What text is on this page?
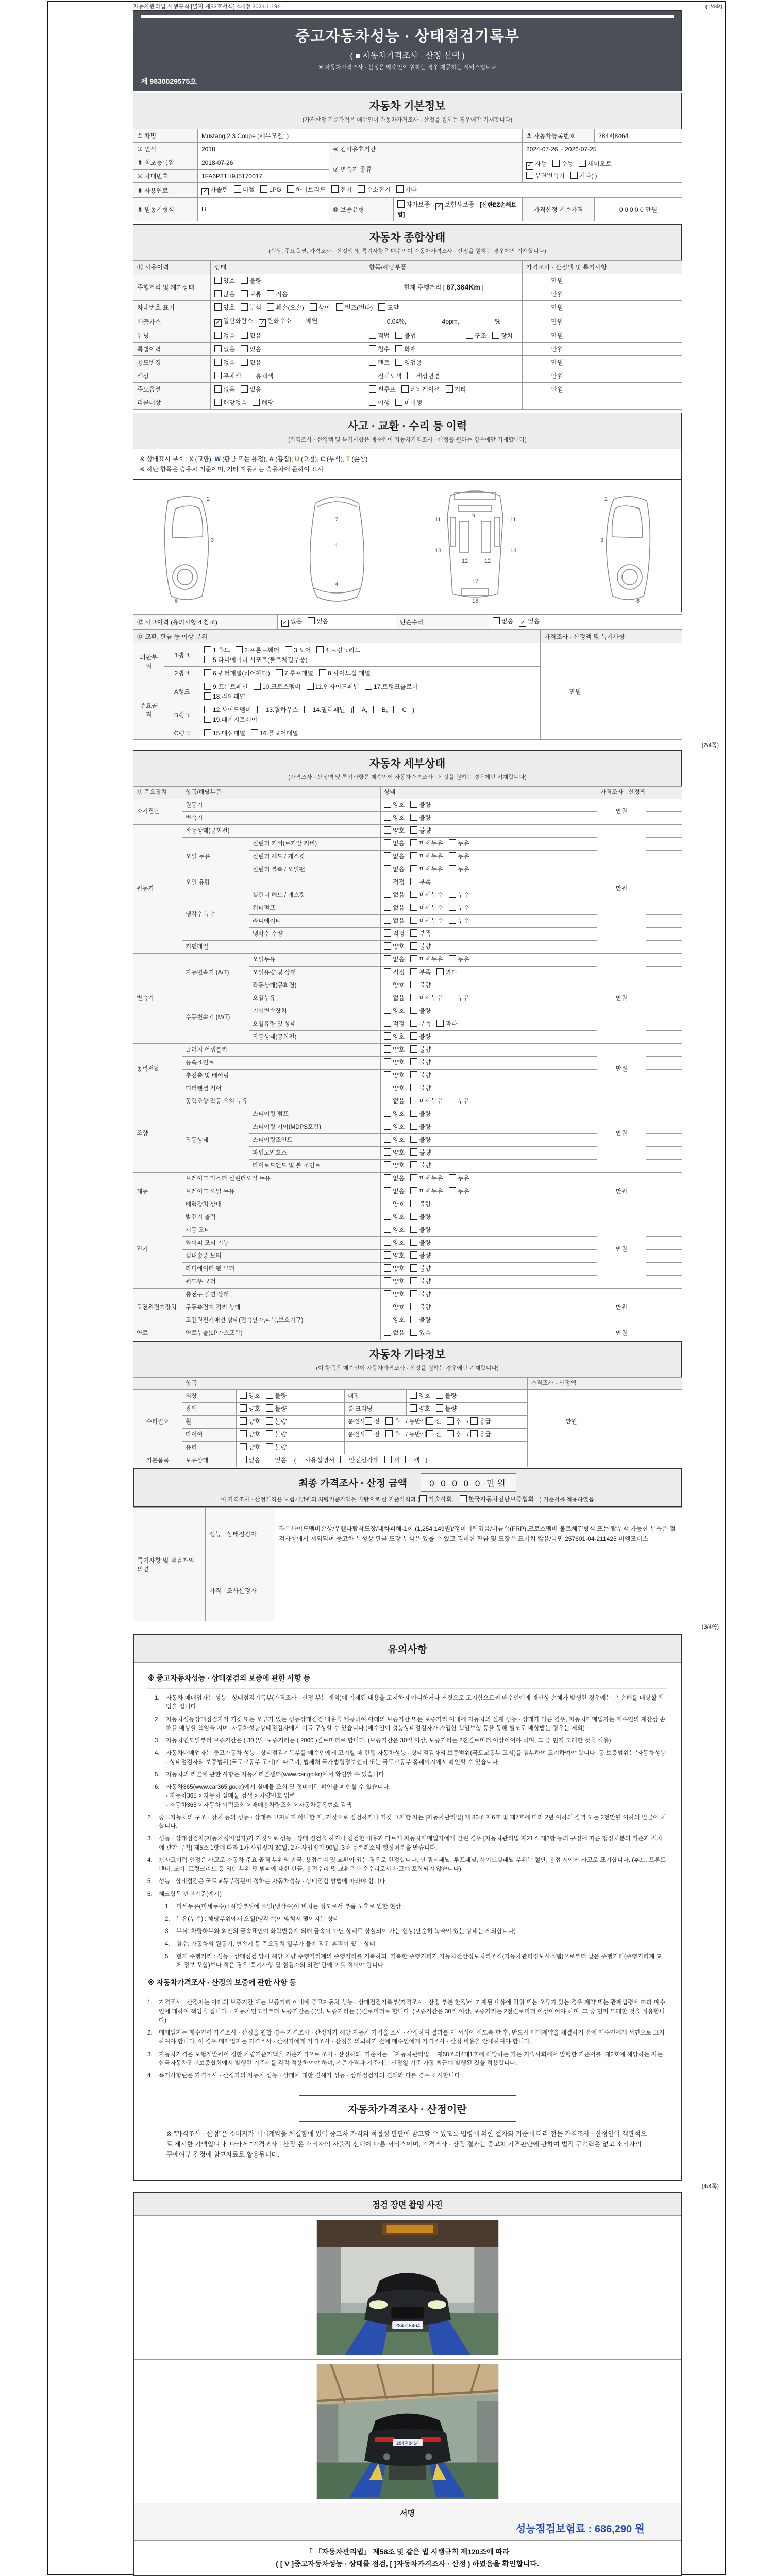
자동차관리법 시행규칙 [별지 제82호서식] <개정 2021.1.19>	(1/4쪽)
중고자동차성능 · 상태점검기록부
( ■ 자동차가격조사 · 산정 선택 )
※ 자동차가격조사 · 산정은 매수인이 원하는 경우 제공하는 서비스입니다
제 9830029575호
자동차 기본정보
(가격산정 기준가격은 매수인이 자동차가격조사 · 산정을 원하는 경우에만 기재합니다)
① 차명	Mustang 2,3 Coupe (세부모델: )			② 자동차등록번호	284저8464
③ 연식	2018	④ 검사유효기간		2024-07-26 ~ 2026-07-25	
⑤ 최초등록일	2018-07-26	⑦ 변속기 종류		✓ 자동 수동 세미오토
무단변속기 기타( )	

⑥ 차대번호	1FA6P8TH9J5170017				
⑧ 사용연료	✓ 가솔린 디젤 LPG 하이브리드 전기 수소전기 기타				
⑨ 원동기형식	H	⑩ 보증유형	자가보증 ✓ 보험사보증 [신한EZ손해보험]	가격산정 기준가격	0 0 0 0 0 만원
자동차 종합상태
(색상, 주요옵션, 가격조사 · 산정액 및 특기사항은 매수인이 자동차가격조사 · 산정을 원하는 경우에만 기재합니다)
⑪ 사용이력	상태	항목/해당부품	가격조사 · 산정액 및 특기사항	
주행거리 및 계기상태	양호 불량	현재 주행거리 [ 87,384Km ]	만원	
	많음 보통 적음		만원	
차대번호 표기	양호 부식 훼손(오손) 상이 변조(변타) 도말		만원	
배출가스	✓ 일산화탄소 ✓ 탄화수소 매연	0.04%, 4ppm, %	만원	
튜닝	없음 있음	적법 불법 구조 장치	만원	
특별이력	없음 있음	침수 화재	만원	
용도변경	없음 있음	렌트 영업용	만원	
색상	무채색 유채색	전체도색 색상변경	만원	
주요옵션	없음 있음	썬루프 네비게이션 기타	만원	
리콜대상	해당없음 해당	이행 미이행		
사고 · 교환 · 수리 등 이력
(가격조사 · 산정액 및 특기사항은 매수인이 자동차가격조사 · 산정을 원하는 경우에만 기재합니다)
※ 상태표시 부호 : X (교환), W (판금 또는 용접), A (흠집), U (요철), C (부식), T (손상)
※ 하단 항목은 승용차 기준이며, 기타 자동차는 승용차에 준하여 표시
2
3
6
1
7
4
9
11	11
13	13
12	12
17
18
2
3
6
⑫ 사고이력 (유의사항 4.참조)	✓ 없음 있음	단순수리	없음 ✓ 있음
⑬ 교환, 판금 등 이상 부위			가격조사 · 산정액 및 특기사항	
외판부위	1랭크	1.후드 2.프론트휀더 3.도어 4.트렁크리드
5.라디에이터 서포트(볼트체결부품)	만원	
	2랭크	6.쿼터패널(리어휀다) 7.루프패널 8.사이드실 패널		
주요골격	A랭크	9.프론트패널 10.크로스멤버 11.인사이드패널 17.트렁크플로어
18.리어패널		

	B랭크	12.사이드멤버 13.휠하우스 14.필러패널 ( A, B, C )
19.페키지트레이		

	C랭크	15.대쉬패널 16.플로어패널		
(2/4쪽)
자동차 세부상태
(가격조사 · 산정액 및 특기사항은 매수인이 자동차가격조사 · 산정을 원하는 경우에만 기재합니다)
⑭ 주요장치	항목/해당부품		상태	가격조사 · 산정액	
자기진단	원동기		양호 불량	만원	
	변속기		양호 불량		
원동기	작동상태(공회전)		양호 불량	만원	
	오일 누유	실린더 커버(로커암 커버)	없음 미세누유 누유		
		실린더 헤드 / 개스킷	없음 미세누유 누유		
		실린더 블록 / 오일팬	없음 미세누유 누유		
	오일 유량		적정 부족		
	냉각수 누수	실린더 헤드 / 개스킷	없음 미세누수 누수		
		워터펌프	없음 미세누수 누수		
		라디에이터	없음 미세누수 누수		
		냉각수 수량	적정 부족		
	커먼레일		양호 불량		
변속기	자동변속기 (A/T)	오일누유	없음 미세누유 누유	만원	
		오일유량 및 상태	적정 부족 과다		
		작동상태(공회전)	양호 불량		
	수동변속기 (M/T)	오일누유	없음 미세누유 누유		
		기어변속장치	양호 불량		
		오일유량 및 상태	적정 부족 과다		
		작동상태(공회전)	양호 불량		
동력전달	클러치 어셈블리		양호 불량	만원	
	등속죠인트		양호 불량		
	추진축 및 베어링		양호 불량		
	디퍼렌셜 기어		양호 불량		
조향	동력조향 작동 오일 누유		없음 미세누유 누유	만원	
	작동상태	스티어링 펌프	양호 불량		
		스티어링 기어(MDPS포함)	양호 불량		
		스티어링조인트	양호 불량		
		파워고압호스	양호 불량		
		타이로드엔드 및 볼 조인트	양호 불량		
제동	브레이크 마스터 실린더오일 누유		없음 미세누유 누유	만원	
	브레이크 오일 누유		없음 미세누유 누유		
	배력장치 상태		양호 불량		
전기	발전기 출력		양호 불량	만원	
	시동 모터		양호 불량		
	와이퍼 모터 기능		양호 불량		
	실내송풍 모터		양호 불량		
	라디에이터 팬 모터		양호 불량		
	윈도우 모터		양호 불량		
고전원전기장치	충전구 절연 상태		양호 불량	만원	
	구동축전지 격리 상태		양호 불량		
	고전원전기배선 상태(접속단자,피복,보호기구)		양호 불량		
연료	연료누출(LP가스포함)		없음 있음	만원	
자동차 기타정보
(이 항목은 매수인이 자동차가격조사 · 산정을 원하는 경우에만 기재합니다)
	항목				가격조사 · 산정액	
수리필요	외장	양호 불량	내장	양호 불량	만원	
	광택	양호 불량	룸 크리닝	양호 불량		
	휠	양호 불량	운전석 전 후 / 동반석 전 후 / 응급			
	타이어	양호 불량	운전석 전 후 / 동반석 전 후 / 응급			
	유리	양호 불량				
기본품목	보유상태	없음 있음 ( 사용설명서 안전삼각대 잭 잭 )				
최종 가격조사 · 산정 금액	0 0 0 0 0 만원
이 가격조사 · 산정가격은 보험개발원의 차량기준가액을 바탕으로 한 기준가격과 ( 기술사회, 한국자동차진단보증협회 ) 기준서를 적용하였음
특기사항 및 점검자의 의견	성능 · 상태점검자	좌우사이드멤버손상/우휀다탈착도장/내차피해-1회 (1,254,149원)/정비이력있음/비금속(FRP),크로스멤버 볼트체결방식 또는 탈부착 가능한 부품은 점검사항에서 제외되며 중고차 특성상 판금 도장 부식은 있을 수 있고 경미한 판금 및 도장은 표기치 않음/국민 257601-04-211425 비엠모터스
	가격 · 조사산정자	
(3/4쪽)
유의사항
※ 중고자동차성능 · 상태점검의 보증에 관한 사항 등
1.	자동차 매매업자는 성능 · 상태점검기록부(가격조사 · 산정 부분 제외)에 기재된 내용을 고지하지 아니하거나 거짓으로 고지함으로써 매수인에게 재산상 손해가 발생한 경우에는 그 손해를 배상할 책임을 집니다.
2.	자동차성능상태점검자가 거짓 또는 오류가 있는 성능상태점검 내용을 제공하여 아래의 보증기간 또는 보증거리 이내에 자동차의 실제 성능 · 상태가 다른 경우, 자동차매매업자는 매수인의 재산상 손해를 배상할 책임을 지며, 자동차성능상태점검자에게 이를 구상할 수 있습니다.(매수인이 성능상태점검자가 가입한 책임보험 등을 통해 별도로 배상받는 경우는 제외)
3.	자동차인도일부터 보증기간은 ( 30 )일, 보증거리는 ( 2000 )킬로미터로 합니다. (보증기간은 30일 이상, 보증거리는 2천킬로미터 이상이어야 하며, 그 중 먼저 도래한 것을 적용)
4.	자동차매매업자는 중고자동차 성능 · 상태점검기록부를 매수인에게 고지할 때 현행 자동차성능 · 상태점검자의 보증범위(국토교통부 고시)를 첨부하여 고지하여야 합니다. 동 보증범위는 '자동차성능 · 상태점검자의 보증범위'(국토교통부 고시)에 따르며, 법제처 국가법령정보센터 또는 국토교통부 홈페이지에서 확인할 수 있습니다.
5.	자동차의 리콜에 관한 사항은 자동차리콜센터(www.car.go.kr)에서 확인할 수 있습니다.
6.	자동차365(www.car365.go.kr)에서 실매물 조회 및 정비이력 확인을 확인할 수 있습니다.
- 자동차365 > 자동차 실매물 검색 > 차량번호 입력
- 자동차365 > 자동차 이력조회 > 매매용차량조회 > 자동차등록번호 검색
2.	중고자동차의 구조 · 장치 등의 성능 · 상태를 고지하지 아니한 자, 거짓으로 점검하거나 거짓 고지한 자는 [자동차관리법] 제 80조 제6호 및 제7호에 따라 2년 이하의 징역 또는 2천만원 이하의 벌금에 처합니다.
3.	성능 · 상태점검자(자동차정비업자)가 거짓으로 성능 · 상태 점검을 하거나 점검한 내용과 다르게 자동차매매업자에게 알린 경우 [자동차관리법 제21조 제2항 등의 규정에 따른 행정처분의 기준과 절차에 관한 규칙] 제5조 1항에 따라 1차 사업정지 30일, 2차 사업정지 90일, 3차 등록취소의 행정처분을 받습니다.
4.	⑫사고이력 인정은 사고로 자동차 주요 골격 부위의 판금, 용접수리 및 교환이 있는 경우로 한정합니다. 단 쿼터패널, 루프패널, 사이드실패널 부위는 절단, 용접 시에만 사고로 표기합니다. (후드, 프론트펜더, 도어, 트렁크리드 등 외판 부위 및 범퍼에 대한 판금, 용접수리 및 교환은 단순수리로서 사고에 포함되지 않습니다)
5.	성능 · 상태점검은 국토교통부장관이 정하는 자동차성능 · 상태점검 방법에 따라야 합니다.
6.	체크항목 판단기준(예시)
1.	미세누유(미세누수) : 해당부위에 오일(냉각수)이 비치는 정도로서 부품 노후로 인한 현상
2.	누유(누수) : 해당부위에서 오일(냉각수)이 맺혀서 떨어지는 상태
3.	부식: 차량하부와 외판의 금속표면이 화학반응에 의해 금속이 아닌 상태로 상실되어 가는 현상(단순히 녹슬어 있는 상태는 제외합니다)
4.	침수: 자동차의 원동기, 변속기 등 주요장치 일부가 물에 잠긴 흔적이 있는 상태
5.	현재 주행거리 : 성능 · 상태점검 당시 해당 차량 주행거리계의 주행거리를 기록하되, 기록한 주행거리가 자동차전산정보처리조직(자동차관리정보시스템)으로부터 받은 주행거리(주행거리계 교체 정보 포함)보다 적은 경우 '특기사항 및 점검자의 의견' 란에 이를 적어야 합니다.
※ 자동차가격조사 · 산정의 보증에 관한 사항 등
1.	가격조사 · 산정자는 아래의 보증기간 또는 보증거리 이내에 중고자동차 성능 · 상태점검기록부(가격조사 · 산정 부분 한정)에 기재된 내용에 허위 또는 오류가 있는 경우 계약 또는 관계법령에 따라 매수인에 대하여 책임을 집니다. · 자동차인도일부터 보증기간은 ( )일, 보증거리는 ( )킬로미터로 합니다. (보증기간은 30일 이상, 보증거리는 2천킬로미터 이상이어야 하며, 그 중 먼저 도래한 것을 적용합니다)
2.	매매업자는 매수인이 가격조사 · 산정을 원할 경우 가격조사 · 산정자가 해당 자동차 가격을 조사 · 산정하여 결과를 이 서식에 적도록 한 후, 반드시 매매계약을 체결하기 전에 매수인에게 서면으로 고지하여야 합니다. 이 경우 매매업자는 가격조사 · 산정자에게 가격조사 · 산정을 의뢰하기 전에 매수인에게 가격조사 · 산정 비용을 안내하여야 합니다.
3.	자동차가격은 보험개발원이 정한 차량기준가액을 기준가격으로 조사 · 산정하되, 기준서는 「자동차관리법」 제58조의4제1호에 해당하는 자는 기술사회에서 발행한 기준서를, 제2호에 해당하는 자는 한국자동차진단보증협회에서 발행한 기준서를 각각 적용하여야 하며, 기준가격과 기준서는 산정일 기준 가장 최근에 발행된 것을 적용합니다.
4.	특기사항란은 가격조사 · 산정자의 자동차 성능 · 상태에 대한 견해가 성능 · 상태점검자의 견해와 다를 경우 표시합니다.
자동차가격조사 · 산정이란
※ "가격조사 · 산정"은 소비자가 매매계약을 체결함에 있어 중고차 가격의 적절성 판단에 참고할 수 있도록 법령에 의한 절차와 기준에 따라 전문 가격조사 · 산정인이 객관적으로 제시한 가액입니다. 따라서 "가격조사 · 산정"은 소비자의 자율적 선택에 따른 서비스이며, 가격조사 · 산정 결과는 중고차 가격판단에 관하여 법적 구속력은 없고 소비자의 구매여부 결정에 참고자료로 활용됩니다.
(4/4쪽)
점검 장면 촬영 사진
284저8464
284저8464
서명
성능점검보험료 : 686,290 원
「 「자동차관리법」 제58조 및 같은 법 시행규칙 제120조에 따라
( [ V ]중고자동차성능 · 상태를 점검, [ ]자동차가격조사 · 산정 ) 하였음을 확인합니다.
